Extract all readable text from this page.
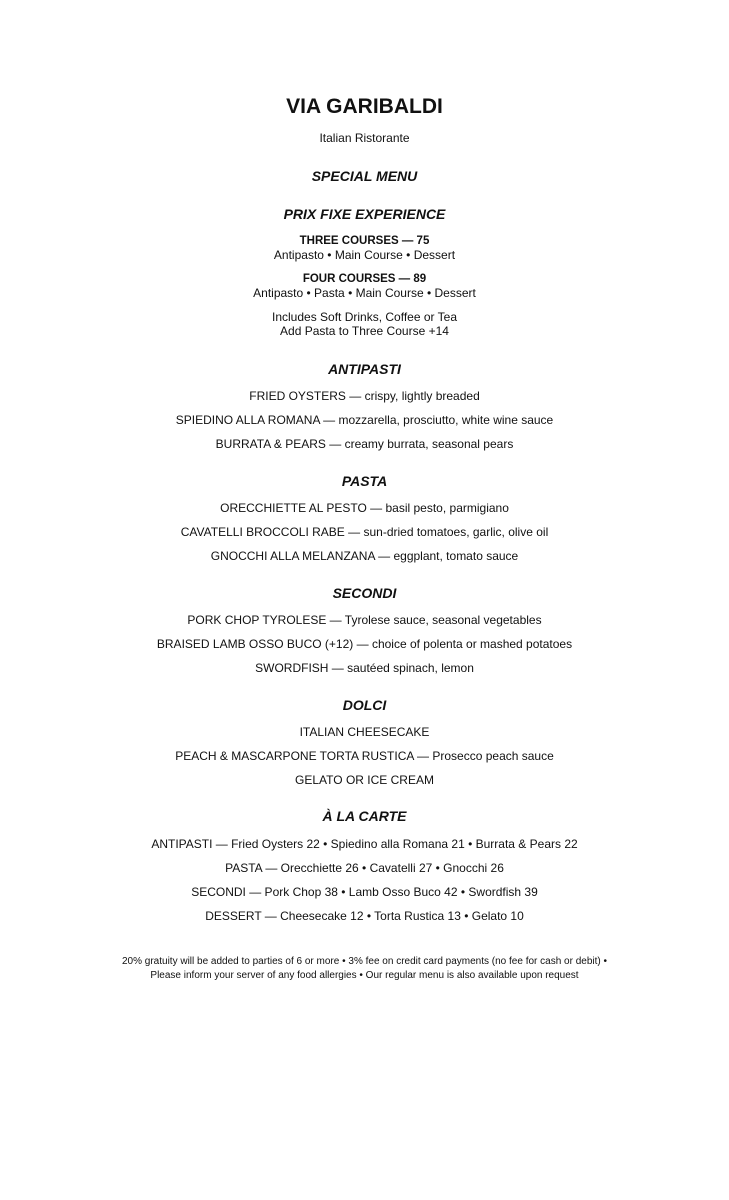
VIA GARIBALDI
Italian Ristorante
SPECIAL MENU
PRIX FIXE EXPERIENCE
THREE COURSES — 75
Antipasto • Main Course • Dessert
FOUR COURSES — 89
Antipasto • Pasta • Main Course • Dessert
Includes Soft Drinks, Coffee or Tea
Add Pasta to Three Course +14
ANTIPASTI
FRIED OYSTERS — crispy, lightly breaded
SPIEDINO ALLA ROMANA — mozzarella, prosciutto, white wine sauce
BURRATA & PEARS — creamy burrata, seasonal pears
PASTA
ORECCHIETTE AL PESTO — basil pesto, parmigiano
CAVATELLI BROCCOLI RABE — sun-dried tomatoes, garlic, olive oil
GNOCCHI ALLA MELANZANA — eggplant, tomato sauce
SECONDI
PORK CHOP TYROLESE — Tyrolese sauce, seasonal vegetables
BRAISED LAMB OSSO BUCO (+12) — choice of polenta or mashed potatoes
SWORDFISH — sautéed spinach, lemon
DOLCI
ITALIAN CHEESECAKE
PEACH & MASCARPONE TORTA RUSTICA — Prosecco peach sauce
GELATO OR ICE CREAM
À LA CARTE
ANTIPASTI — Fried Oysters 22 • Spiedino alla Romana 21 • Burrata & Pears 22
PASTA — Orecchiette 26 • Cavatelli 27 • Gnocchi 26
SECONDI — Pork Chop 38 • Lamb Osso Buco 42 • Swordfish 39
DESSERT — Cheesecake 12 • Torta Rustica 13 • Gelato 10
20% gratuity will be added to parties of 6 or more • 3% fee on credit card payments (no fee for cash or debit) •
Please inform your server of any food allergies • Our regular menu is also available upon request
